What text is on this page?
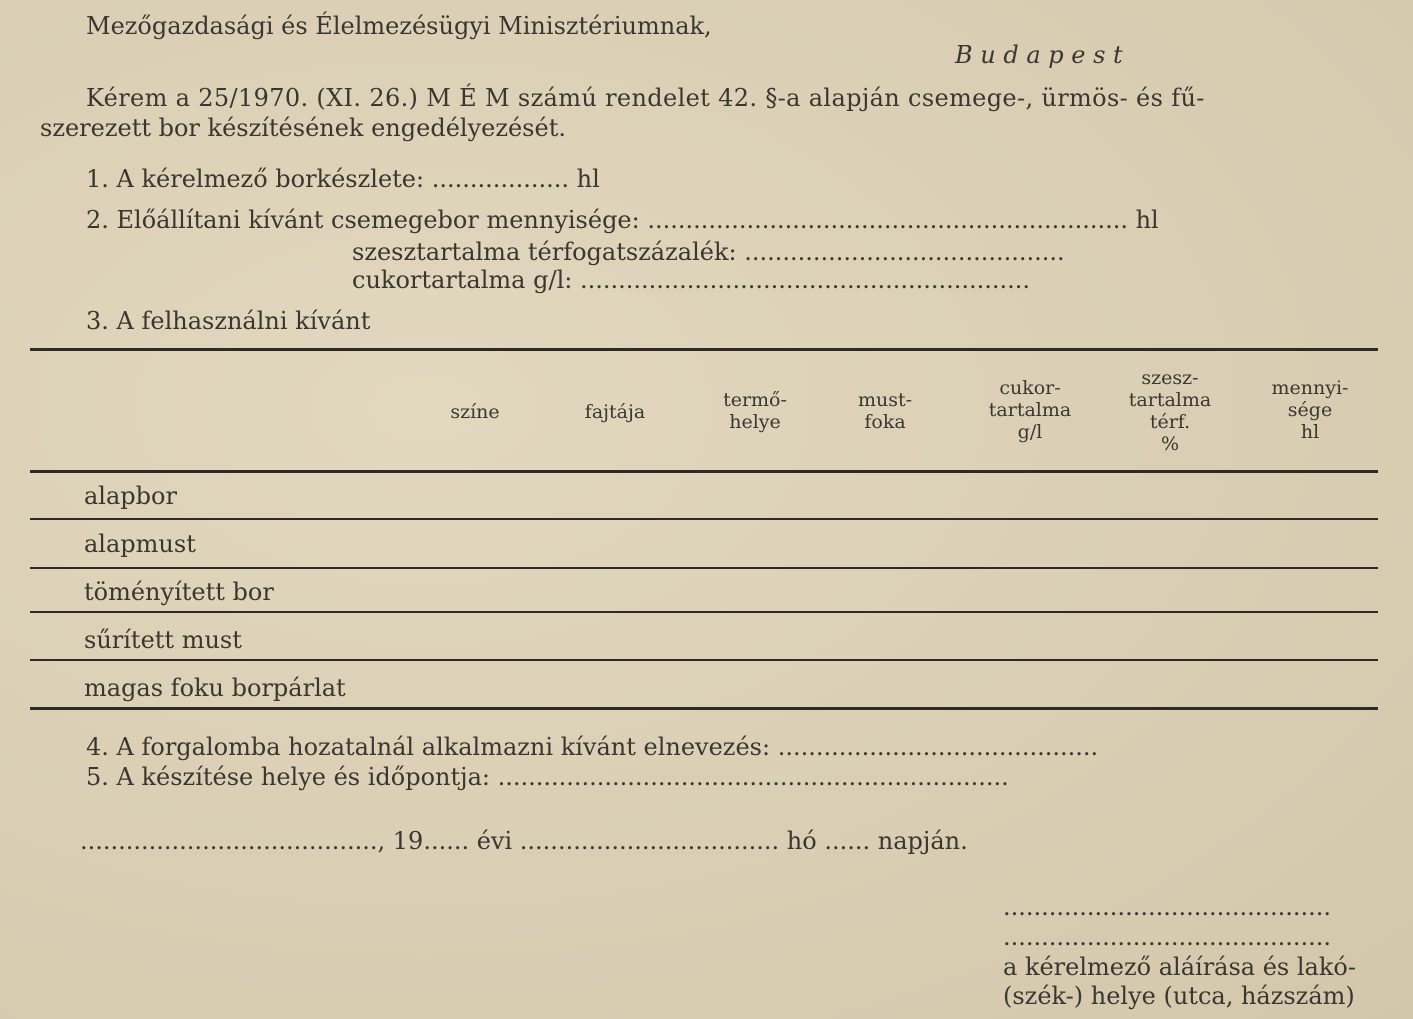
Mezőgazdasági és Élelmezésügyi Minisztériumnak,
B u d a p e s t
Kérem a 25/1970. (XI. 26.) M É M számú rendelet 42. §-a alapján csemege-, ürmös- és fű-
szerezett bor készítésének engedélyezését.
1. A kérelmező borkészlete: .................. hl
2. Előállítani kívánt csemegebor mennyisége: ............................................................... hl
szesztartalma térfogatszázalék: ..........................................
cukortartalma g/l: ...........................................................
3. A felhasználni kívánt
színe	fajtája
termő-
helye
must-
foka
cukor-
tartalma
g/l
szesz-
tartalma
térf.
%
mennyi-
sége
hl
alapbor
alapmust
töményített bor
sűrített must
magas foku borpárlat
4. A forgalomba hozatalnál alkalmazni kívánt elnevezés: ..........................................
5. A készítése helye és időpontja: ...................................................................
......................................., 19...... évi .................................. hó ...... napján.
...........................................
...........................................
a kérelmező aláírása és lakó-
(szék-) helye (utca, házszám)
